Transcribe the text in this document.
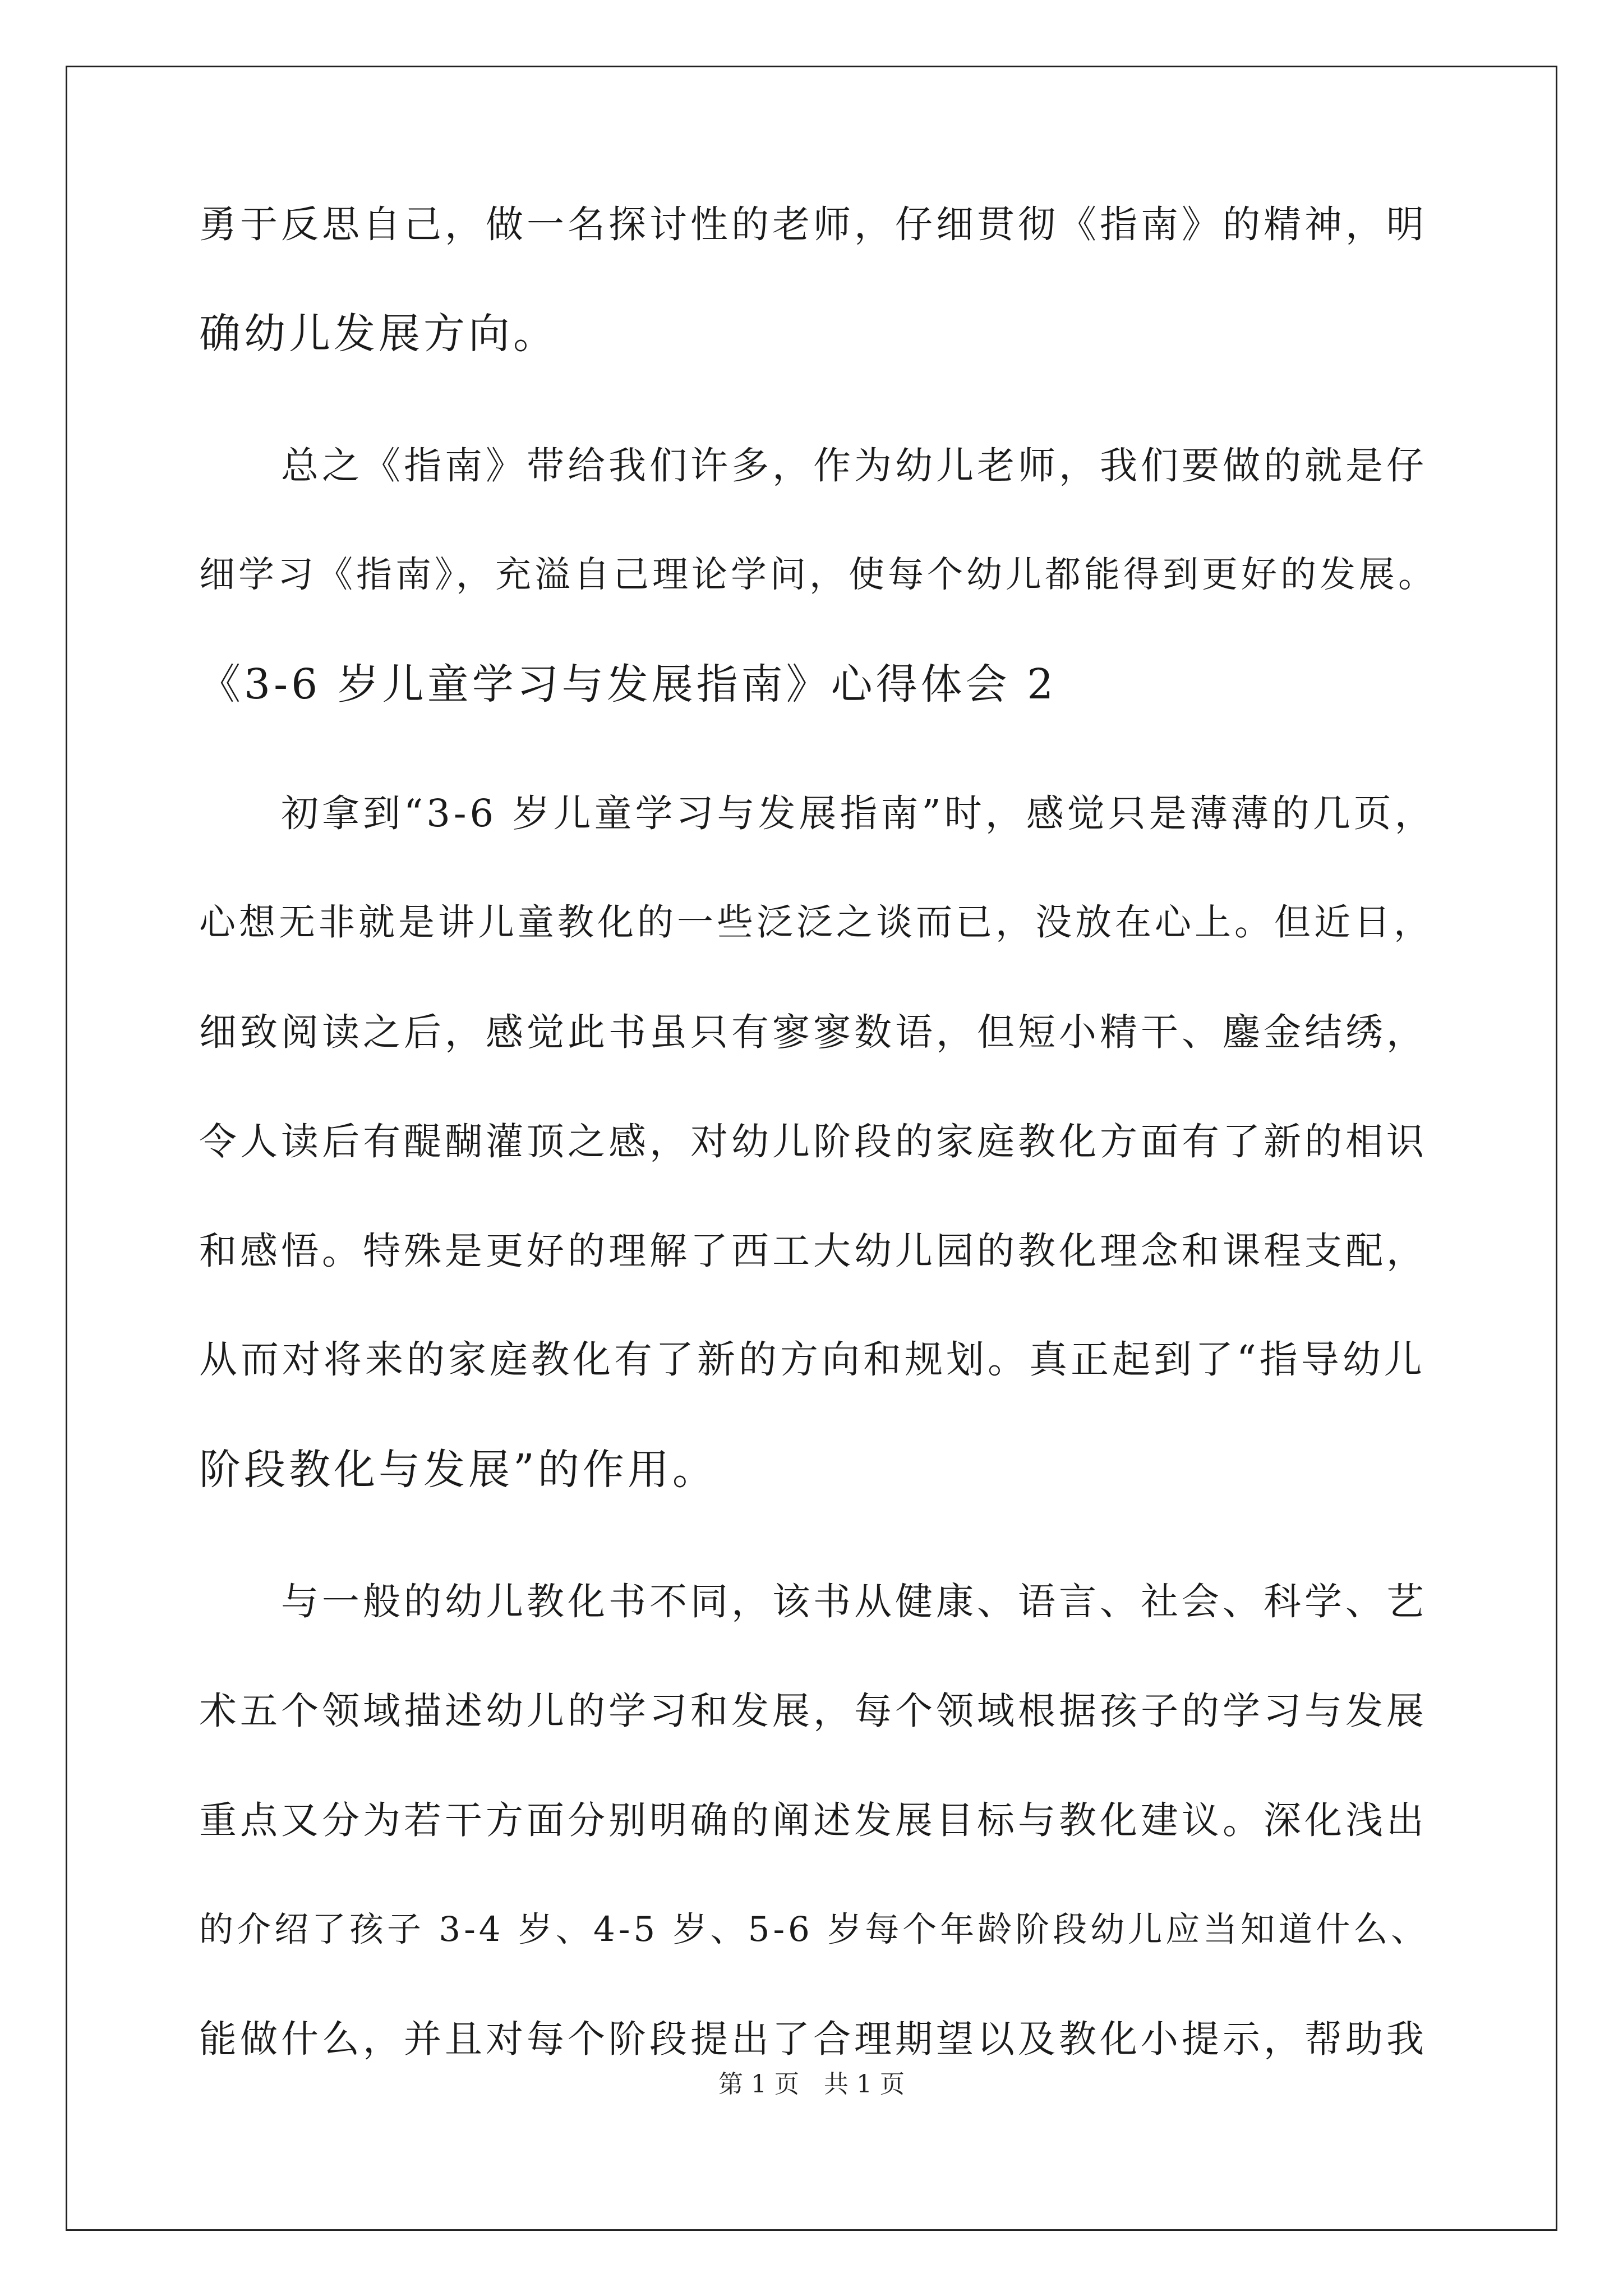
勇于反思自己，做一名探讨性的老师，仔细贯彻《指南》的精神，明
确幼儿发展方向。
　　总之《指南》带给我们许多，作为幼儿老师，我们要做的就是仔
细学习《指南》，充溢自己理论学问，使每个幼儿都能得到更好的发展。
《3-6 岁儿童学习与发展指南》心得体会 2
　　初拿到“3-6 岁儿童学习与发展指南”时，感觉只是薄薄的几页，
心想无非就是讲儿童教化的一些泛泛之谈而已，没放在心上。但近日，
细致阅读之后，感觉此书虽只有寥寥数语，但短小精干、鏖金结绣，
令人读后有醍醐灌顶之感，对幼儿阶段的家庭教化方面有了新的相识
和感悟。特殊是更好的理解了西工大幼儿园的教化理念和课程支配，
从而对将来的家庭教化有了新的方向和规划。真正起到了“指导幼儿
阶段教化与发展”的作用。
　　与一般的幼儿教化书不同，该书从健康、语言、社会、科学、艺
术五个领域描述幼儿的学习和发展，每个领域根据孩子的学习与发展
重点又分为若干方面分别明确的阐述发展目标与教化建议。深化浅出
的介绍了孩子 3-4 岁、4-5 岁、5-6 岁每个年龄阶段幼儿应当知道什么、
能做什么，并且对每个阶段提出了合理期望以及教化小提示，帮助我
第 1 页　共 1 页
